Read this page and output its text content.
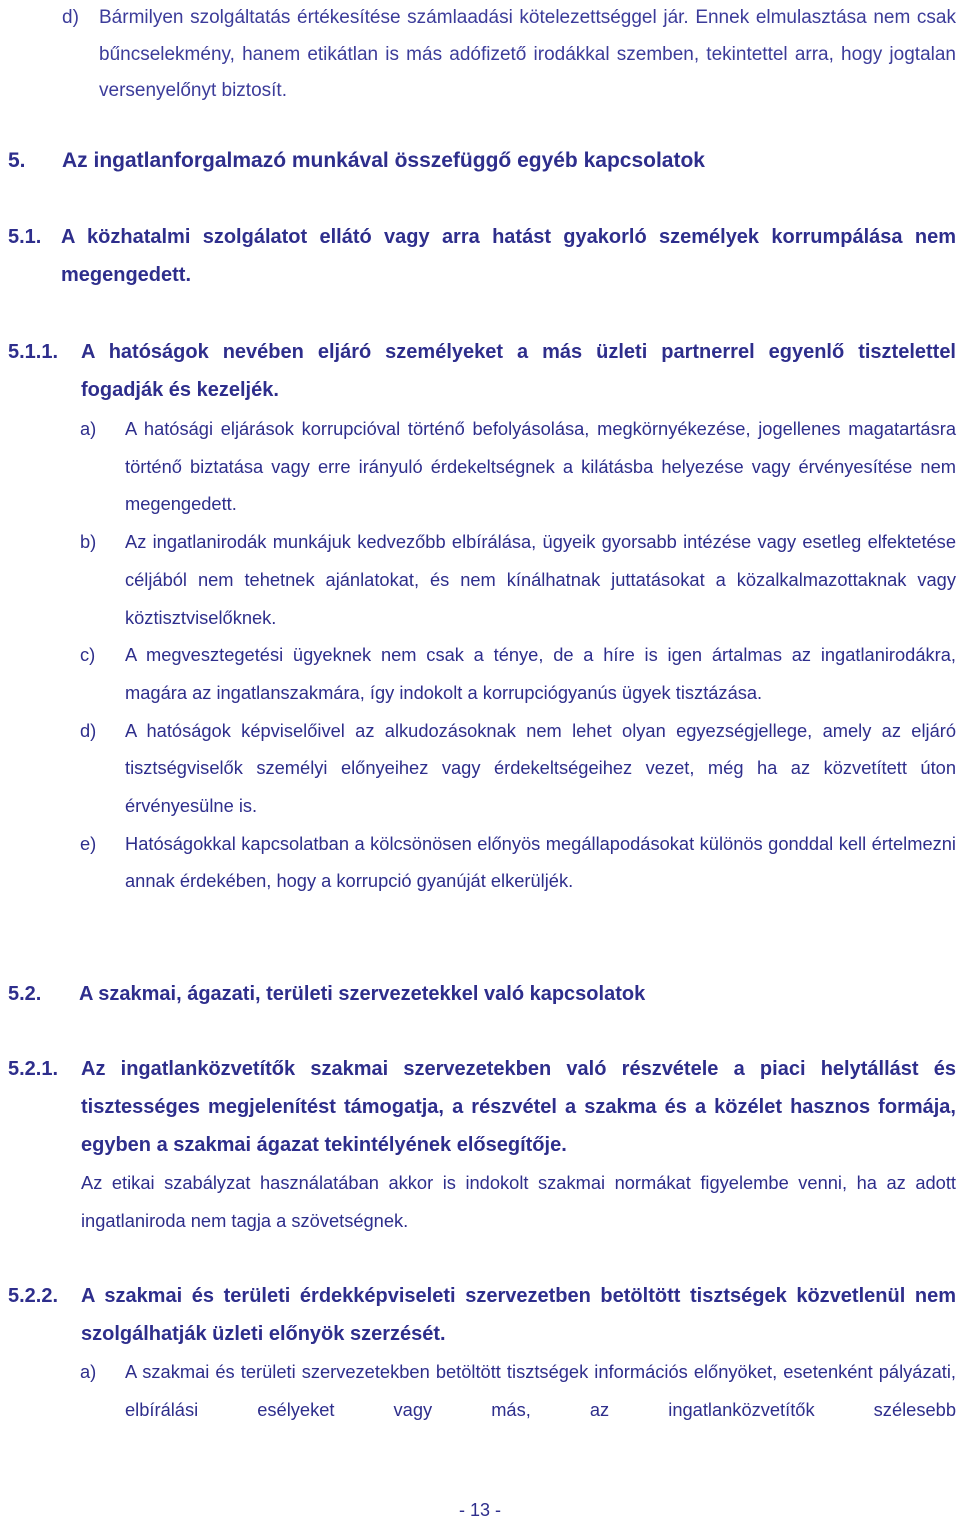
d)	Bármilyen szolgáltatás értékesítése számlaadási kötelezettséggel jár. Ennek elmulasztása nem csak bűncselekmény, hanem etikátlan is más adófizető irodákkal szemben, tekintettel arra, hogy jogtalan versenyelőnyt biztosít.
5. Az ingatlanforgalmazó munkával összefüggő egyéb kapcsolatok
5.1. A közhatalmi szolgálatot ellátó vagy arra hatást gyakorló személyek korrumpálása nem megengedett.
5.1.1.	A hatóságok nevében eljáró személyeket a más üzleti partnerrel egyenlő tisztelettel fogadják és kezeljék.
a)	A hatósági eljárások korrupcióval történő befolyásolása, megkörnyékezése, jogellenes magatartásra történő biztatása vagy erre irányuló érdekeltségnek a kilátásba helyezése vagy érvényesítése nem megengedett.
b)	Az ingatlanirodák munkájuk kedvezőbb elbírálása, ügyeik gyorsabb intézése vagy esetleg elfektetése céljából nem tehetnek ajánlatokat, és nem kínálhatnak juttatásokat a közalkalmazottaknak vagy köztisztviselőknek.
c)	A megvesztegetési ügyeknek nem csak a ténye, de a híre is igen ártalmas az ingatlanirodákra, magára az ingatlanszakmára, így indokolt a korrupciógyanús ügyek tisztázása.
d)	A hatóságok képviselőivel az alkudozásoknak nem lehet olyan egyezségjellege, amely az eljáró tisztségviselők személyi előnyeihez vagy érdekeltségeihez vezet, még ha az közvetített úton érvényesülne is.
e)	Hatóságokkal kapcsolatban a kölcsönösen előnyös megállapodásokat különös gonddal kell értelmezni annak érdekében, hogy a korrupció gyanúját elkerüljék.
5.2. A szakmai, ágazati, területi szervezetekkel való kapcsolatok
5.2.1.	Az ingatlanközvetítők szakmai szervezetekben való részvétele a piaci helytállást és tisztességes megjelenítést támogatja, a részvétel a szakma és a közélet hasznos formája, egyben a szakmai ágazat tekintélyének elősegítője.
Az etikai szabályzat használatában akkor is indokolt szakmai normákat figyelembe venni, ha az adott ingatlaniroda nem tagja a szövetségnek.
5.2.2.	A szakmai és területi érdekképviseleti szervezetben betöltött tisztségek közvetlenül nem szolgálhatják üzleti előnyök szerzését.
a)	A szakmai és területi szervezetekben betöltött tisztségek információs előnyöket, esetenként pályázati, elbírálási esélyeket vagy más, az ingatlanközvetítők szélesebb
- 13 -
